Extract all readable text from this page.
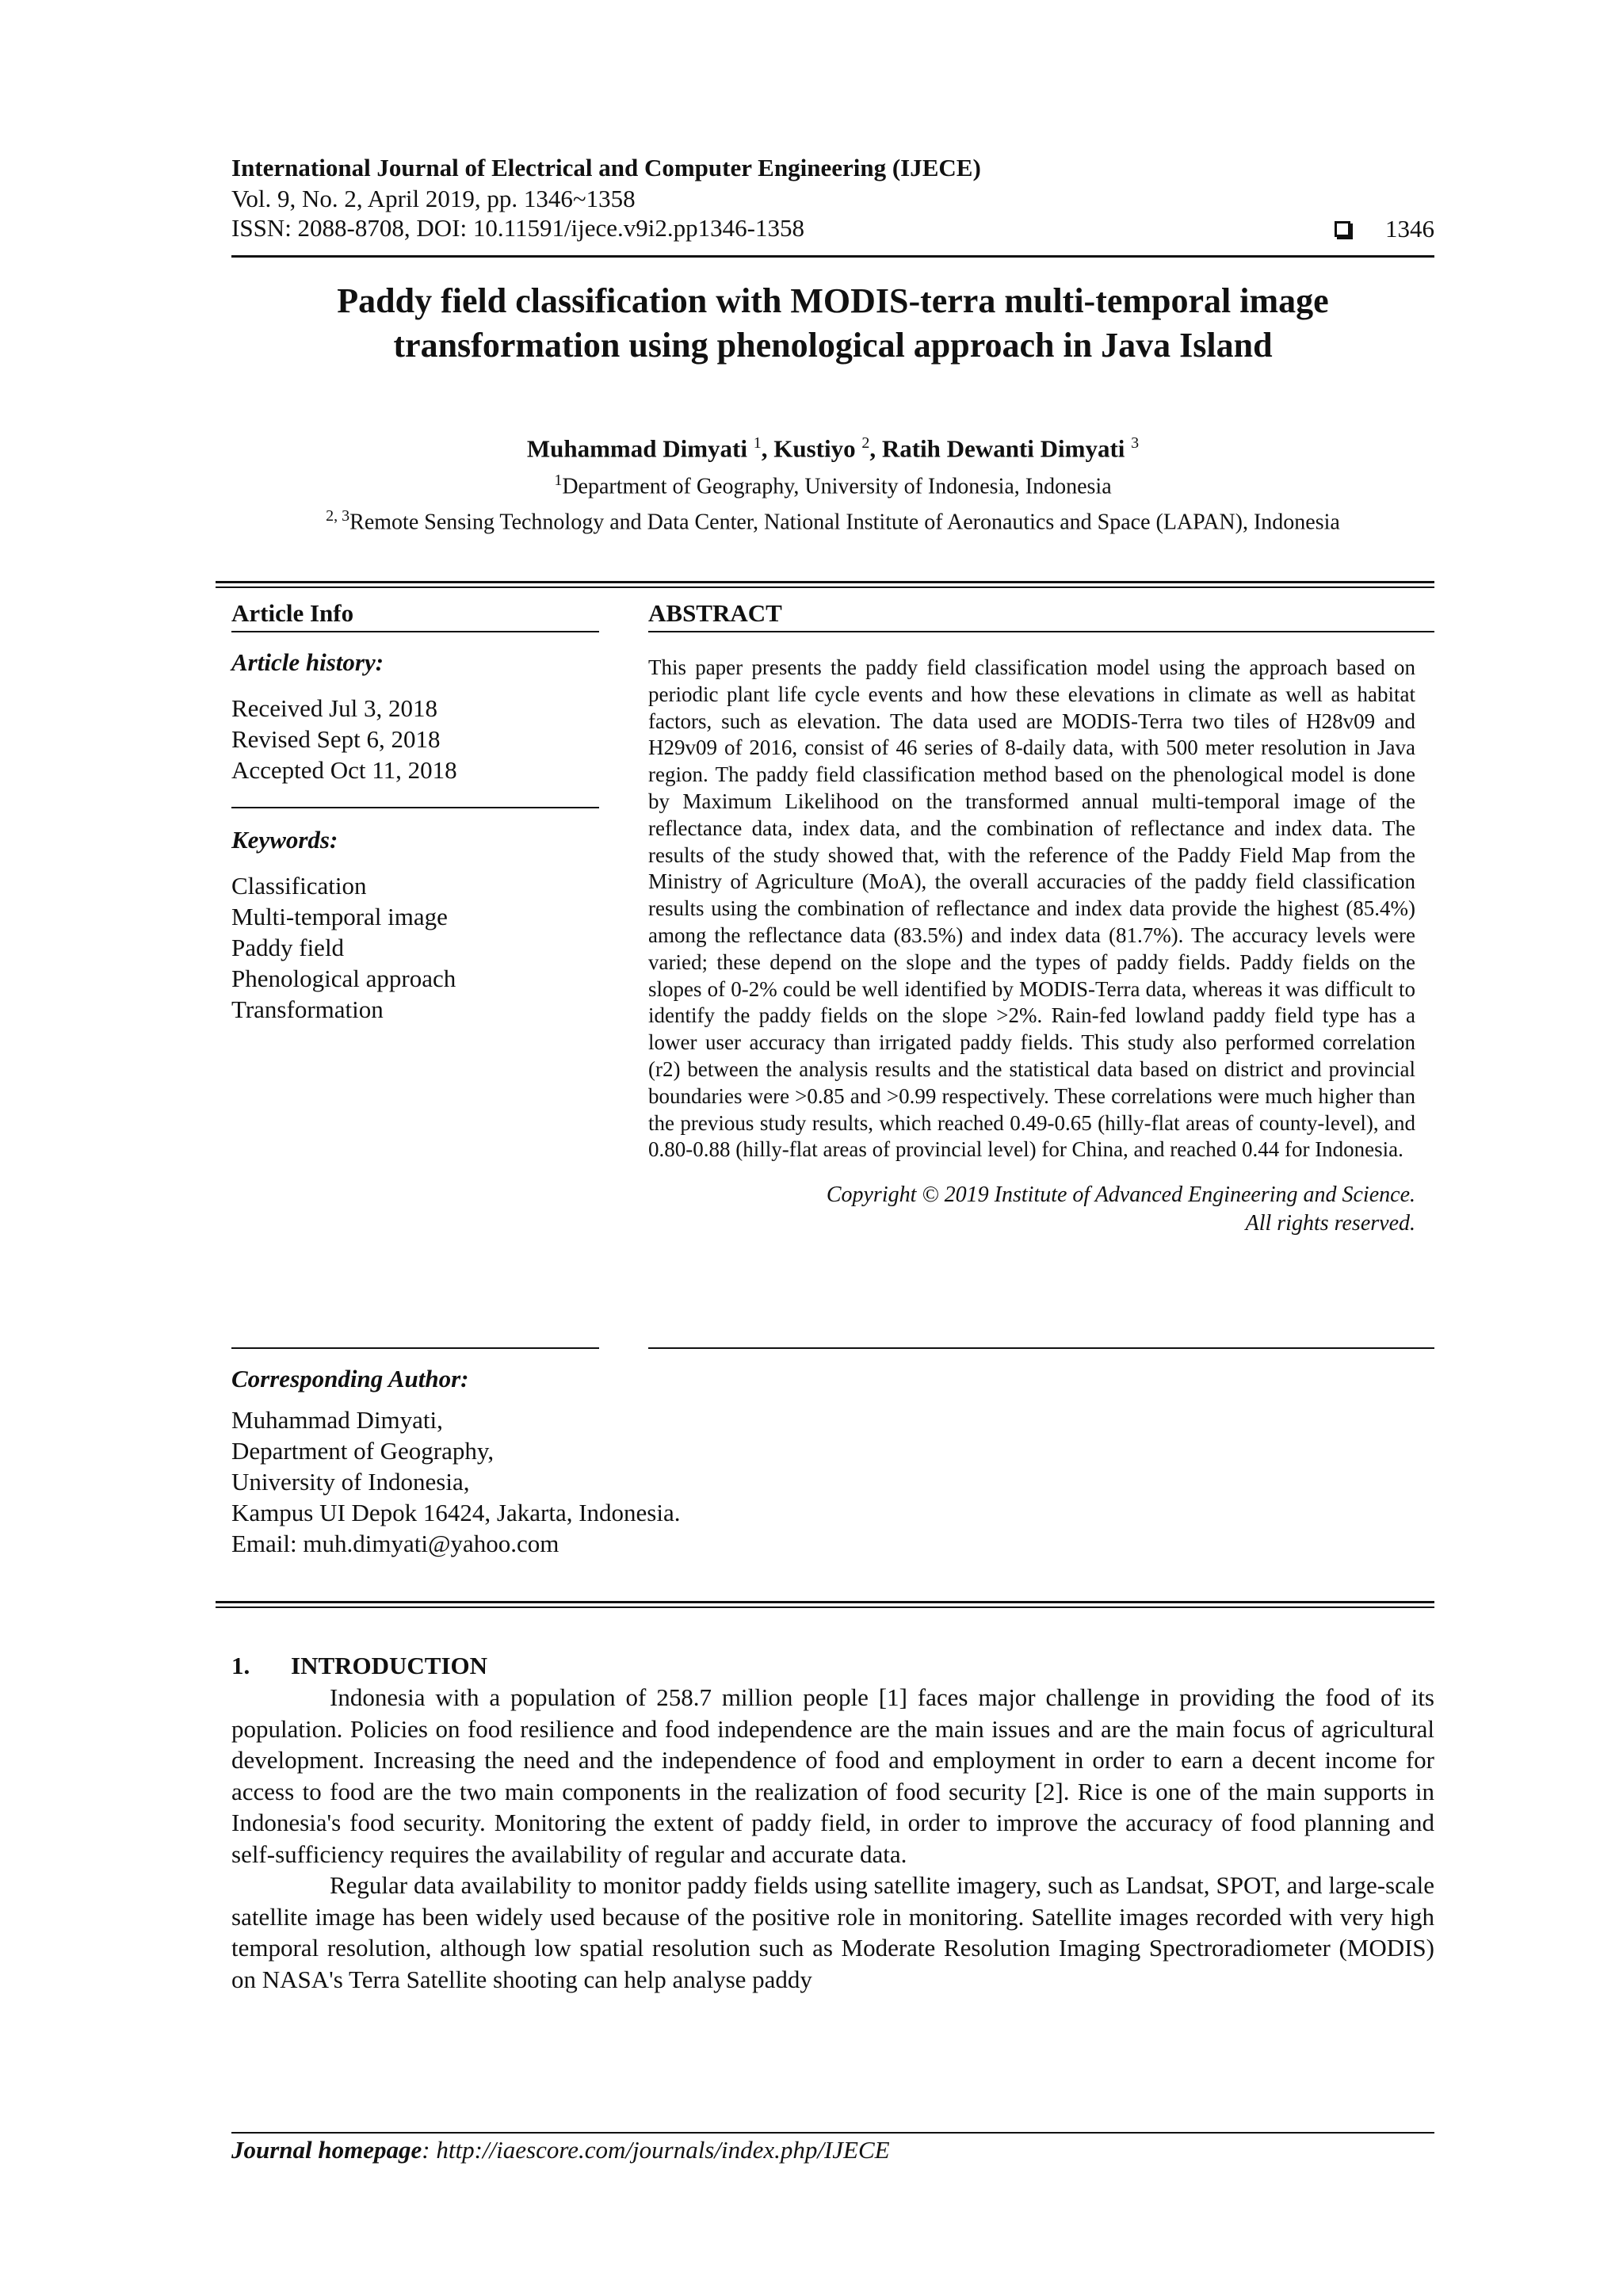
International Journal of Electrical and Computer Engineering (IJECE)
Vol. 9, No. 2, April 2019, pp. 1346~1358
ISSN: 2088-8708, DOI: 10.11591/ijece.v9i2.pp1346-1358	1346
Paddy field classification with MODIS-terra multi-temporal image
transformation using phenological approach in Java Island
Muhammad Dimyati $^1$, Kustiyo $^2$, Ratih Dewanti Dimyati $^3$
$^1$Department of Geography, University of Indonesia, Indonesia
$^{2, 3}$Remote Sensing Technology and Data Center, National Institute of Aeronautics and Space (LAPAN), Indonesia
Article Info
Article history:
Received Jul 3, 2018
Revised Sept 6, 2018
Accepted Oct 11, 2018
Keywords:
Classification
Multi-temporal image
Paddy field
Phenological approach
Transformation
ABSTRACT
This paper presents the paddy field classification model using the approach based on periodic plant life cycle events and how these elevations in climate as well as habitat factors, such as elevation. The data used are MODIS-Terra two tiles of H28v09 and H29v09 of 2016, consist of 46 series of 8-daily data, with 500 meter resolution in Java region. The paddy field classification method based on the phenological model is done by Maximum Likelihood on the transformed annual multi-temporal image of the reflectance data, index data, and the combination of reflectance and index data. The results of the study showed that, with the reference of the Paddy Field Map from the Ministry of Agriculture (MoA), the overall accuracies of the paddy field classification results using the combination of reflectance and index data provide the highest (85.4%) among the reflectance data (83.5%) and index data (81.7%). The accuracy levels were varied; these depend on the slope and the types of paddy fields. Paddy fields on the slopes of 0-2% could be well identified by MODIS-Terra data, whereas it was difficult to identify the paddy fields on the slope >2%. Rain-fed lowland paddy field type has a lower user accuracy than irrigated paddy fields. This study also performed correlation (r2) between the analysis results and the statistical data based on district and provincial boundaries were >0.85 and >0.99 respectively. These correlations were much higher than the previous study results, which reached 0.49-0.65 (hilly-flat areas of county-level), and 0.80-0.88 (hilly-flat areas of provincial level) for China, and reached 0.44 for Indonesia.
Copyright © 2019 Institute of Advanced Engineering and Science.
All rights reserved.
Corresponding Author:
Muhammad Dimyati,
Department of Geography,
University of Indonesia,
Kampus UI Depok 16424, Jakarta, Indonesia.
Email: muh.dimyati@yahoo.com
1. INTRODUCTION

Indonesia with a population of 258.7 million people [1] faces major challenge in providing the food of its population. Policies on food resilience and food independence are the main issues and are the main focus of agricultural development. Increasing the need and the independence of food and employment in order to earn a decent income for access to food are the two main components in the realization of food security [2]. Rice is one of the main supports in Indonesia's food security. Monitoring the extent of paddy field, in order to improve the accuracy of food planning and self-sufficiency requires the availability of regular and accurate data.

Regular data availability to monitor paddy fields using satellite imagery, such as Landsat, SPOT, and large-scale satellite image has been widely used because of the positive role in monitoring. Satellite images recorded with very high temporal resolution, although low spatial resolution such as Moderate Resolution Imaging Spectroradiometer (MODIS) on NASA's Terra Satellite shooting can help analyse paddy

Journal homepage: http://iaescore.com/journals/index.php/IJECE
